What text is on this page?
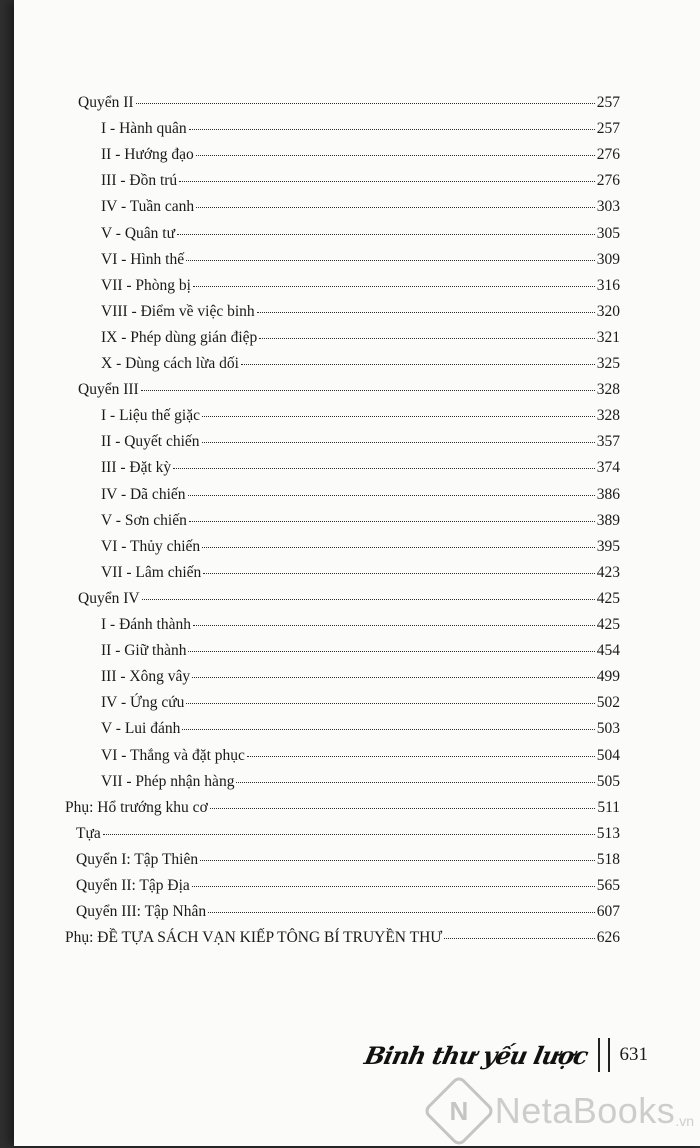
Quyển II	257
I - Hành quân	257
II - Hướng đạo	276
III - Đồn trú	276
IV - Tuần canh	303
V - Quân tư	305
VI - Hình thế	309
VII - Phòng bị	316
VIII - Điểm về việc binh	320
IX - Phép dùng gián điệp	321
X - Dùng cách lừa dối	325
Quyển III	328
I - Liệu thế giặc	328
II - Quyết chiến	357
III - Đặt kỳ	374
IV - Dã chiến	386
V - Sơn chiến	389
VI - Thủy chiến	395
VII - Lâm chiến	423
Quyển IV	425
I - Đánh thành	425
II - Giữ thành	454
III - Xông vây	499
IV - Ứng cứu	502
V - Lui đánh	503
VI - Thắng và đặt phục	504
VII - Phép nhận hàng	505
Phụ: Hổ trướng khu cơ	511
Tựa	513
Quyển I: Tập Thiên	518
Quyển II: Tập Địa	565
Quyển III: Tập Nhân	607
Phụ: ĐỀ TỰA SÁCH VẠN KIẾP TÔNG BÍ TRUYỀN THƯ	626
Binh thư yếu lược 631
N NetaBooks .vn
